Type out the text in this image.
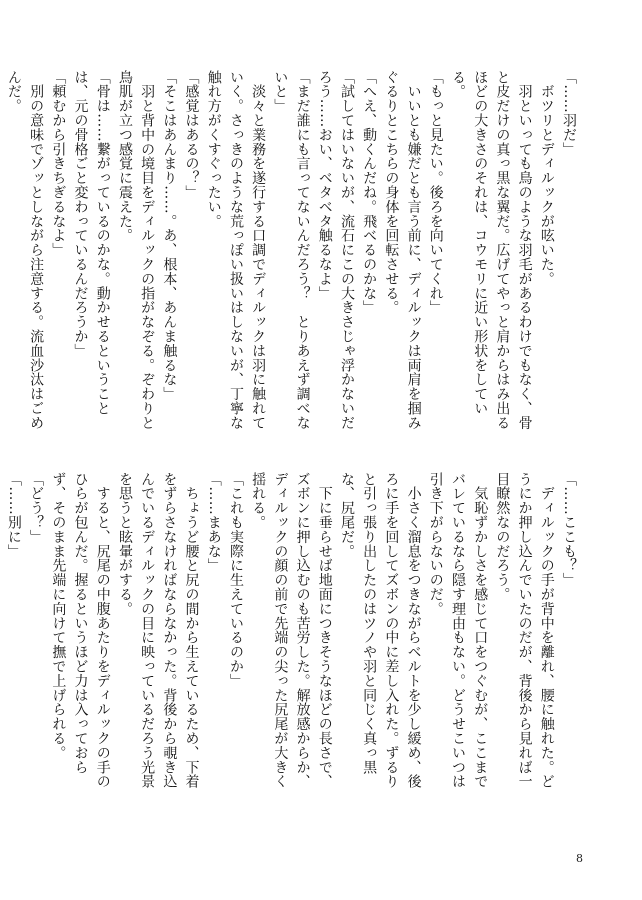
「……羽だ」
　ボツリとディルックが呟いた。
　羽といっても鳥のような羽毛があるわけでもなく、骨と皮だけの真っ黒な翼だ。広げてやっと肩からはみ出るほどの大きさのそれは、コウモリに近い形状をしている。
「もっと見たい。後ろを向いてくれ」
　いいとも嫌だとも言う前に、ディルックは両肩を掴みぐるりとこちらの身体を回転させる。
「へえ、動くんだね。飛べるのかな」
「試してはいないが、流石にこの大きさじゃ浮かないだろう……おい、ベタベタ触るなよ」
「まだ誰にも言ってないんだろう？　とりあえず調べないと」
　淡々と業務を遂行する口調でディルックは羽に触れていく。さっきのような荒っぽい扱いはしないが、丁寧な触れ方がくすぐったい。
「感覚はあるの？」
「そこはあんまり……。あ、根本、あんま触るな」
　羽と背中の境目をディルックの指がなぞる。ぞわりと鳥肌が立つ感覚に震えた。
「骨は……繋がっているのかな。動かせるということは、元の骨格ごと変わっているんだろうか」
「頼むから引きちぎるなよ」
　別の意味でゾッとしながら注意する。流血沙汰はごめんだ。
「……ここも？」
　ディルックの手が背中を離れ、腰に触れた。どうにか押し込んでいたのだが、背後から見れば一目瞭然なのだろう。
　気恥ずかしさを感じて口をつぐむが、ここまでバレているなら隠す理由もない。どうせこいつは引き下がらないのだ。
　小さく溜息をつきながらベルトを少し緩め、後ろに手を回してズボンの中に差し入れた。ずるりと引っ張り出したのはツノや羽と同じく真っ黒な、尻尾だ。
　下に垂らせば地面につきそうなほどの長さで、ズボンに押し込むのも苦労した。解放感からか、ディルックの顔の前で先端の尖った尻尾が大きく揺れる。
「これも実際に生えているのか」
「……まあな」
　ちょうど腰と尻の間から生えているため、下着をずらさなければならなかった。背後から覗き込んでいるディルックの目に映っているだろう光景を思うと眩暈がする。
　すると、尻尾の中腹あたりをディルックの手のひらが包んだ。握るというほど力は入っておらず、そのまま先端に向けて撫で上げられる。
「どう？」
「……別に」

8
